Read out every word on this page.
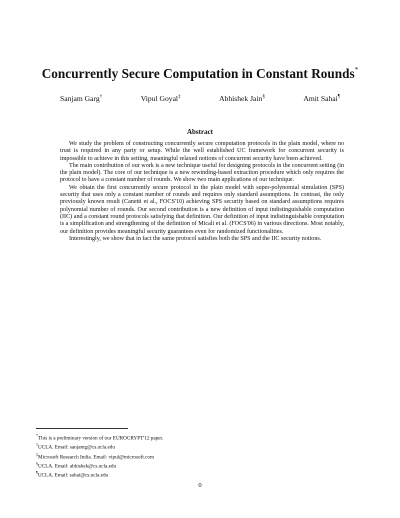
Concurrently Secure Computation in Constant Rounds*
Sanjam Garg†	Vipul Goyal‡	Abhishek Jain§	Amit Sahai¶
Abstract

We study the problem of constructing concurrently secure computation protocols in the plain model, where no trust is required in any party or setup. While the well established UC framework for concurrent security is impossible to achieve in this setting, meaningful relaxed notions of concurrent security have been achieved.

The main contribution of our work is a new technique useful for designing protocols in the concurrent setting (in the plain model). The core of our technique is a new rewinding-based extraction procedure which only requires the protocol to have a constant number of rounds. We show two main applications of our technique.

We obtain the first concurrently secure protocol in the plain model with super-polynomial simulation (SPS) security that uses only a constant number of rounds and requires only standard assumptions. In contrast, the only previously known result (Canetti et al., FOCS'10) achieving SPS security based on standard assumptions requires polynomial number of rounds. Our second contribution is a new definition of input indistinguishable computation (IIC) and a constant round protocols satisfying that definition. Our definition of input indistinguishable computation is a simplification and strengthening of the definition of Micali et al. (FOCS'06) in various directions. Most notably, our definition provides meaningful security guarantees even for randomized functionalities.

Interestingly, we show that in fact the same protocol satisfies both the SPS and the IIC security notions.

*This is a preliminary version of our EUROCRYPT'12 paper.
†UCLA. Email: sanjamg@cs.ucla.edu
‡Microsoft Research India. Email: vipul@microsoft.com
§UCLA. Email: abhishek@cs.ucla.edu
¶UCLA. Email: sahai@cs.ucla.edu
0
